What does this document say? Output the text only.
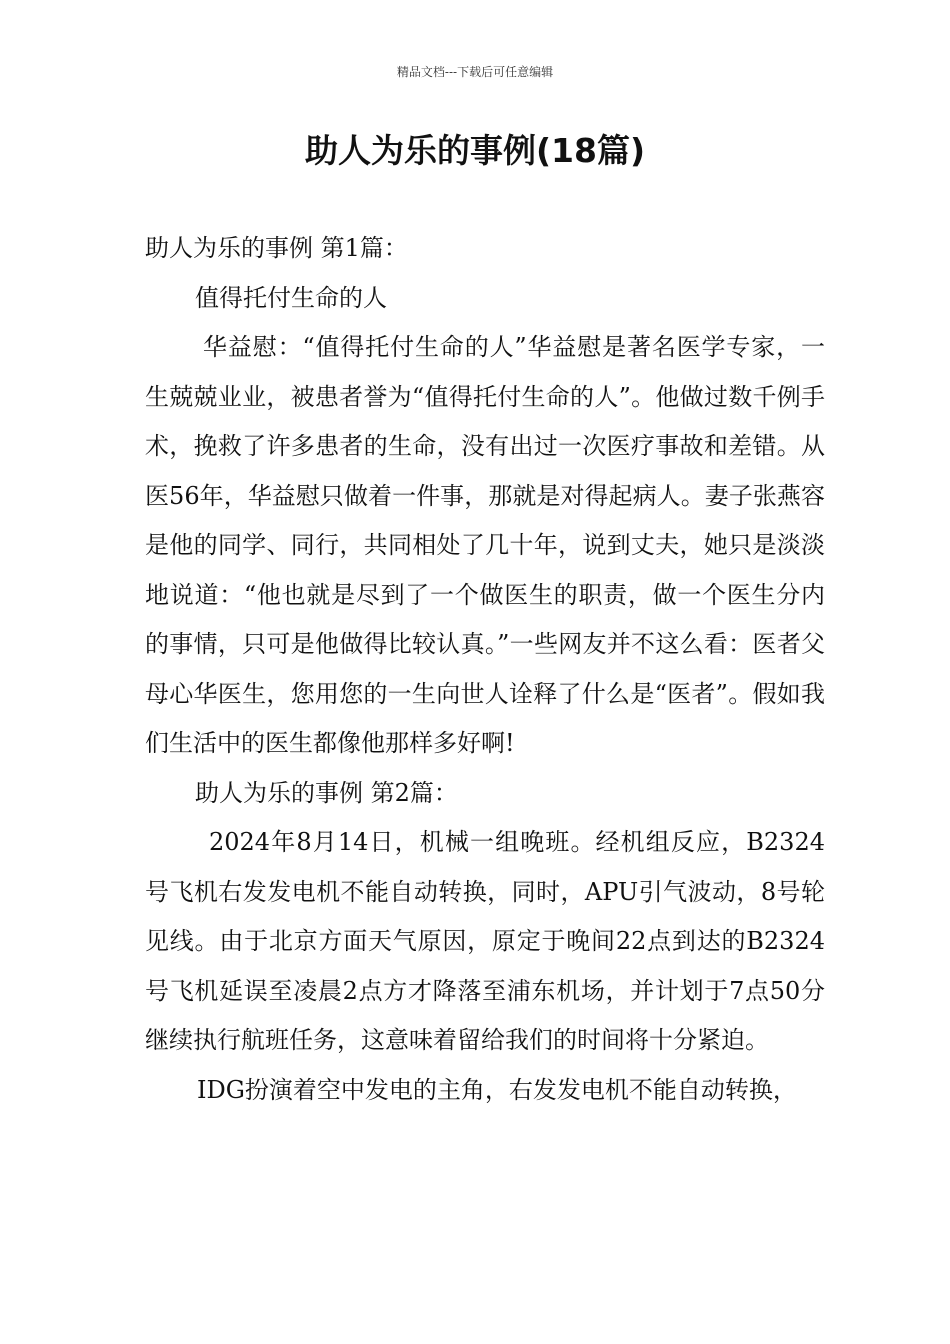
精品文档---下载后可任意编辑
助人为乐的事例(18篇)

助人为乐的事例 第1篇：

值得托付生命的人

华益慰：“值得托付生命的人”华益慰是著名医学专家，一生兢兢业业，被患者誉为“值得托付生命的人”。他做过数千例手术，挽救了许多患者的生命，没有出过一次医疗事故和差错。从医56年，华益慰只做着一件事，那就是对得起病人。妻子张燕容是他的同学、同行，共同相处了几十年，说到丈夫，她只是淡淡地说道：“他也就是尽到了一个做医生的职责，做一个医生分内的事情，只可是他做得比较认真。”一些网友并不这么看：医者父母心华医生，您用您的一生向世人诠释了什么是“医者”。假如我们生活中的医生都像他那样多好啊!

助人为乐的事例 第2篇：

2024年8月14日，机械一组晚班。经机组反应，B2324号飞机右发发电机不能自动转换，同时，APU引气波动，8号轮见线。由于北京方面天气原因，原定于晚间22点到达的B2324号飞机延误至凌晨2点方才降落至浦东机场，并计划于7点50分继续执行航班任务，这意味着留给我们的时间将十分紧迫。

IDG扮演着空中发电的主角，右发发电机不能自动转换，
